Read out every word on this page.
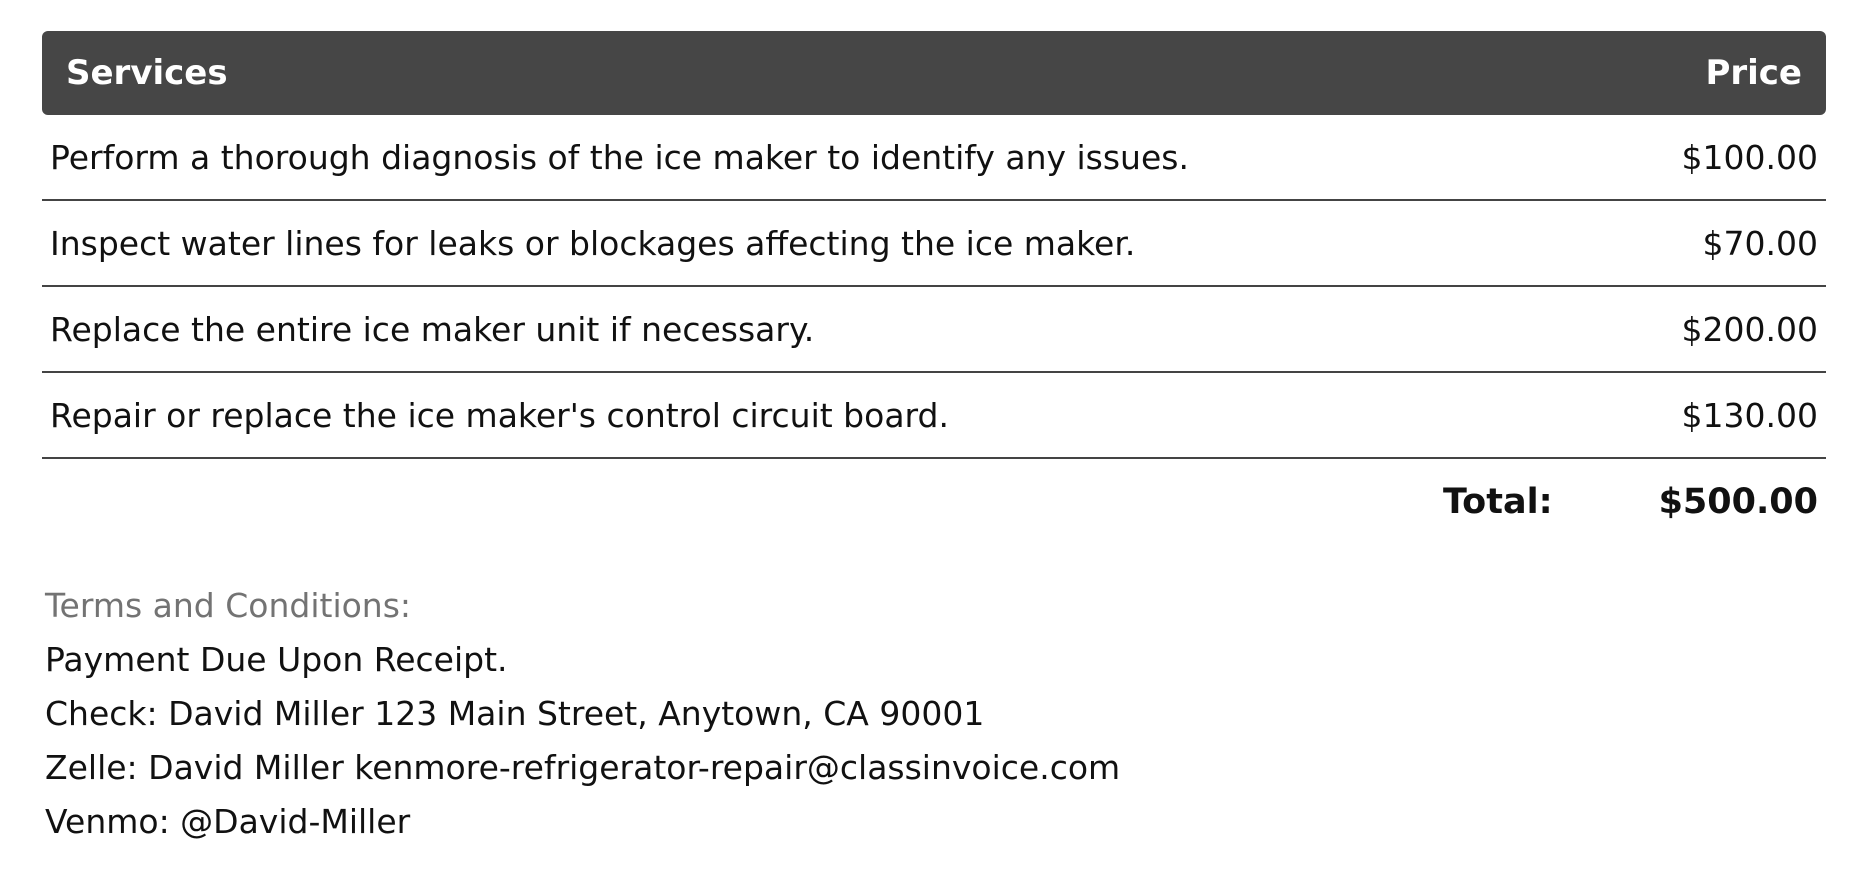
Services	Price
Perform a thorough diagnosis of the ice maker to identify any issues.	$100.00
Inspect water lines for leaks or blockages affecting the ice maker.	$70.00
Replace the entire ice maker unit if necessary.	$200.00
Repair or replace the ice maker's control circuit board.	$130.00
Total:	$500.00
Terms and Conditions:
Payment Due Upon Receipt.
Check: David Miller 123 Main Street, Anytown, CA 90001
Zelle: David Miller kenmore-refrigerator-repair@classinvoice.com
Venmo: @David-Miller
